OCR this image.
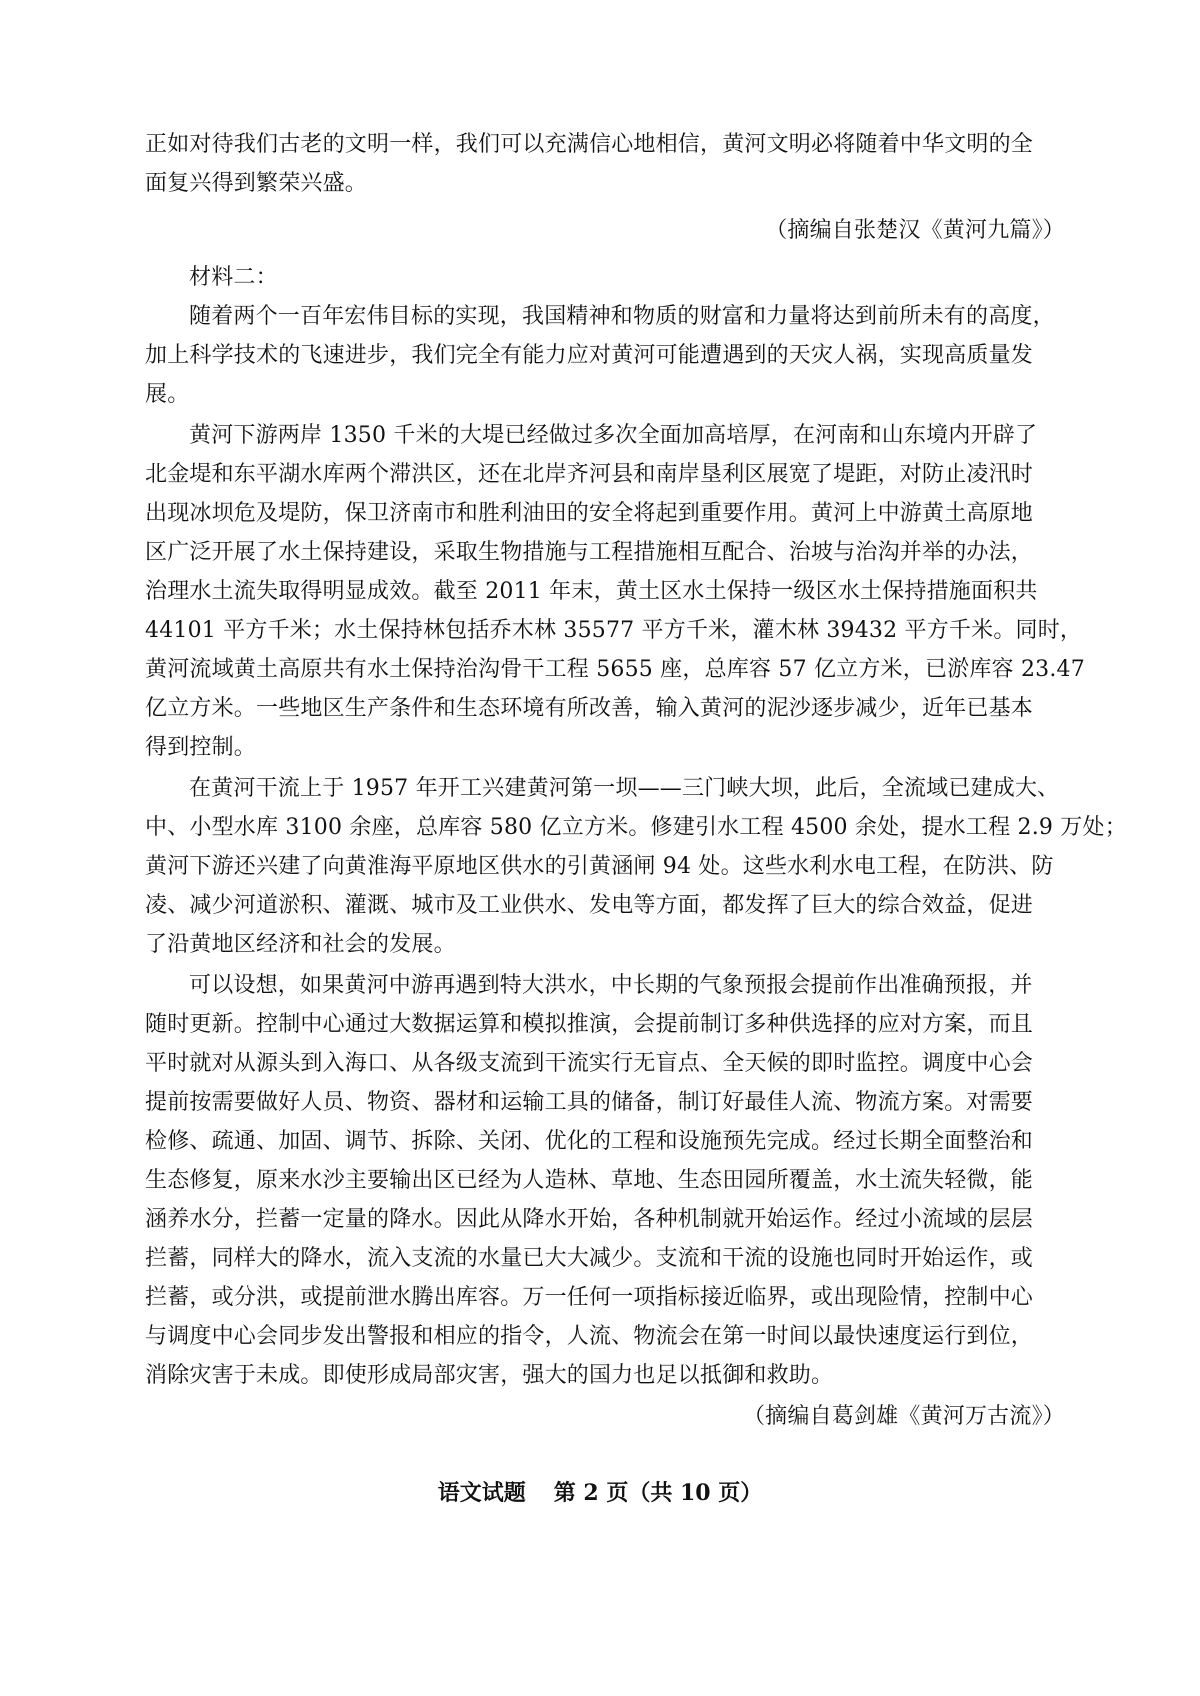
正如对待我们古老的文明一样，我们可以充满信心地相信，黄河文明必将随着中华文明的全
面复兴得到繁荣兴盛。
（摘编自张楚汉《黄河九篇》）
材料二：
随着两个一百年宏伟目标的实现，我国精神和物质的财富和力量将达到前所未有的高度，
加上科学技术的飞速进步，我们完全有能力应对黄河可能遭遇到的天灾人祸，实现高质量发
展。
黄河下游两岸 1350 千米的大堤已经做过多次全面加高培厚，在河南和山东境内开辟了
北金堤和东平湖水库两个滞洪区，还在北岸齐河县和南岸垦利区展宽了堤距，对防止凌汛时
出现冰坝危及堤防，保卫济南市和胜利油田的安全将起到重要作用。黄河上中游黄土高原地
区广泛开展了水土保持建设，采取生物措施与工程措施相互配合、治坡与治沟并举的办法，
治理水土流失取得明显成效。截至 2011 年末，黄土区水土保持一级区水土保持措施面积共
44101 平方千米；水土保持林包括乔木林 35577 平方千米，灌木林 39432 平方千米。同时，
黄河流域黄土高原共有水土保持治沟骨干工程 5655 座，总库容 57 亿立方米，已淤库容 23.47
亿立方米。一些地区生产条件和生态环境有所改善，输入黄河的泥沙逐步减少，近年已基本
得到控制。
在黄河干流上于 1957 年开工兴建黄河第一坝——三门峡大坝，此后，全流域已建成大、
中、小型水库 3100 余座，总库容 580 亿立方米。修建引水工程 4500 余处，提水工程 2.9 万处；
黄河下游还兴建了向黄淮海平原地区供水的引黄涵闸 94 处。这些水利水电工程，在防洪、防
凌、减少河道淤积、灌溉、城市及工业供水、发电等方面，都发挥了巨大的综合效益，促进
了沿黄地区经济和社会的发展。
可以设想，如果黄河中游再遇到特大洪水，中长期的气象预报会提前作出准确预报，并
随时更新。控制中心通过大数据运算和模拟推演，会提前制订多种供选择的应对方案，而且
平时就对从源头到入海口、从各级支流到干流实行无盲点、全天候的即时监控。调度中心会
提前按需要做好人员、物资、器材和运输工具的储备，制订好最佳人流、物流方案。对需要
检修、疏通、加固、调节、拆除、关闭、优化的工程和设施预先完成。经过长期全面整治和
生态修复，原来水沙主要输出区已经为人造林、草地、生态田园所覆盖，水土流失轻微，能
涵养水分，拦蓄一定量的降水。因此从降水开始，各种机制就开始运作。经过小流域的层层
拦蓄，同样大的降水，流入支流的水量已大大减少。支流和干流的设施也同时开始运作，或
拦蓄，或分洪，或提前泄水腾出库容。万一任何一项指标接近临界，或出现险情，控制中心
与调度中心会同步发出警报和相应的指令，人流、物流会在第一时间以最快速度运行到位，
消除灾害于未成。即使形成局部灾害，强大的国力也足以抵御和救助。
（摘编自葛剑雄《黄河万古流》）
语文试题 第 2 页（共 10 页）
